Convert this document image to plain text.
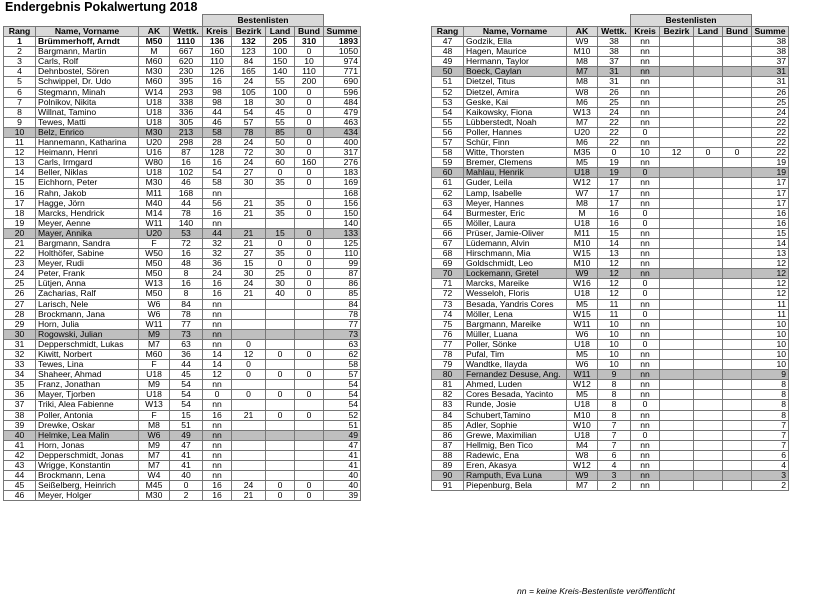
Endergebnis Pokalwertung 2018
				Bestenlisten				
Rang	Name, Vorname	AK	Wettk.	Kreis	Bezirk	Land	Bund	Summe
1	Brümmerhoff, Arndt	M50	1110	136	132	205	310	1893
2	Bargmann, Martin	M	667	160	123	100	0	1050
3	Carls, Rolf	M60	620	110	84	150	10	974
4	Dehnbostel, Sören	M30	230	126	165	140	110	771
5	Schwippel, Dr. Udo	M60	395	16	24	55	200	690
6	Stegmann, Minah	W14	293	98	105	100	0	596
7	Polnikov, Nikita	U18	338	98	18	30	0	484
8	Willnat, Tamino	U18	336	44	54	45	0	479
9	Tewes, Matti	U18	305	46	57	55	0	463
10	Belz, Enrico	M30	213	58	78	85	0	434
11	Hannemann, Katharina	U20	298	28	24	50	0	400
12	Heimann, Henri	U16	87	128	72	30	0	317
13	Carls, Irmgard	W80	16	16	24	60	160	276
14	Beller, Niklas	U18	102	54	27	0	0	183
15	Eichhorn, Peter	M30	46	58	30	35	0	169
16	Rahn, Jakob	M11	168	nn				168
17	Hagge, Jörn	M40	44	56	21	35	0	156
18	Marcks, Hendrick	M14	78	16	21	35	0	150
19	Meyer, Aenne	W11	140	nn				140
20	Mayer, Annika	U20	53	44	21	15	0	133
21	Bargmann, Sandra	F	72	32	21	0	0	125
22	Holthöfer, Sabine	W50	16	32	27	35	0	110
23	Meyer, Rudi	M50	48	36	15	0	0	99
24	Peter, Frank	M50	8	24	30	25	0	87
25	Lütjen, Anna	W13	16	16	24	30	0	86
26	Zacharias, Ralf	M50	8	16	21	40	0	85
27	Larisch, Nele	W6	84	nn				84
28	Brockmann, Jana	W6	78	nn				78
29	Horn, Julia	W11	77	nn				77
30	Rogowski, Julian	M9	73	nn				73
31	Depperschmidt, Lukas	M7	63	nn	0			63
32	Kiwitt, Norbert	M60	36	14	12	0	0	62
33	Tewes, Lina	F	44	14	0			58
34	Shaheer, Ahmad	U18	45	12	0	0	0	57
35	Franz, Jonathan	M9	54	nn				54
36	Mayer, Tjorben	U18	54	0	0	0	0	54
37	Triki, Alea Fabienne	W13	54	nn				54
38	Poller, Antonia	F	15	16	21	0	0	52
39	Drewke, Oskar	M8	51	nn				51
40	Helmke, Lea Malin	W6	49	nn				49
41	Horn, Jonas	M9	47	nn				47
42	Depperschmidt, Jonas	M7	41	nn				41
43	Wrigge, Konstantin	M7	41	nn				41
44	Brockmann, Lena	W4	40	nn				40
45	Seißelberg, Heinrich	M45	0	16	24	0	0	40
46	Meyer, Holger	M30	2	16	21	0	0	39
				Bestenlisten				
Rang	Name, Vorname	AK	Wettk.	Kreis	Bezirk	Land	Bund	Summe
47	Godzik, Ella	W9	38	nn				38
48	Hagen, Maurice	M10	38	nn				38
49	Hermann, Taylor	M8	37	nn				37
50	Boeck, Caylan	M7	31	nn				31
51	Dietzel, Titus	M8	31	nn				31
52	Dietzel, Amira	W8	26	nn				26
53	Geske, Kai	M6	25	nn				25
54	Kaikowsky, Fiona	W13	24	nn				24
55	Lübberstedt, Noah	M7	22	nn				22
56	Poller, Hannes	U20	22	0				22
57	Schür, Finn	M6	22	nn				22
58	Witte, Thorsten	M35	0	10	12	0	0	22
59	Bremer, Clemens	M5	19	nn				19
60	Mahlau, Henrik	U18	19	0				19
61	Guder, Leila	W12	17	nn				17
62	Lamp, Isabelle	W7	17	nn				17
63	Meyer, Hannes	M8	17	nn				17
64	Burmester, Eric	M	16	0				16
65	Möller, Laura	U18	16	0				16
66	Prüser, Jamie-Oliver	M11	15	nn				15
67	Lüdemann, Alvin	M10	14	nn				14
68	Hirschmann, Mia	W15	13	nn				13
69	Goldschmidt, Leo	M10	12	nn				12
70	Lockemann, Gretel	W9	12	nn				12
71	Marcks, Mareike	W16	12	0				12
72	Wesseloh, Floris	U18	12	0				12
73	Besada, Yandris Cores	M5	11	nn				11
74	Möller, Lena	W15	11	0				11
75	Bargmann, Mareike	W11	10	nn				10
76	Müller, Luana	W6	10	nn				10
77	Poller, Sönke	U18	10	0				10
78	Pufal, Tim	M5	10	nn				10
79	Wandtke, Ilayda	W6	10	nn				10
80	Fernandez Desuse, Ang.	W11	9	nn				9
81	Ahmed, Luden	W12	8	nn				8
82	Cores Besada, Yacinto	M5	8	nn				8
83	Runde, Josie	U18	8	0				8
84	Schubert,Tamino	M10	8	nn				8
85	Adler, Sophie	W10	7	nn				7
86	Grewe, Maximilian	U18	7	0				7
87	Hellmig, Ben Tico	M4	7	nn				7
88	Radewic, Ena	W8	6	nn				6
89	Eren, Akasya	W12	4	nn				4
90	Ramputh, Eva Luna	W9	3	nn				3
91	Piepenburg, Bela	M7	2	nn				2
nn = keine Kreis-Bestenliste veröffentlicht
